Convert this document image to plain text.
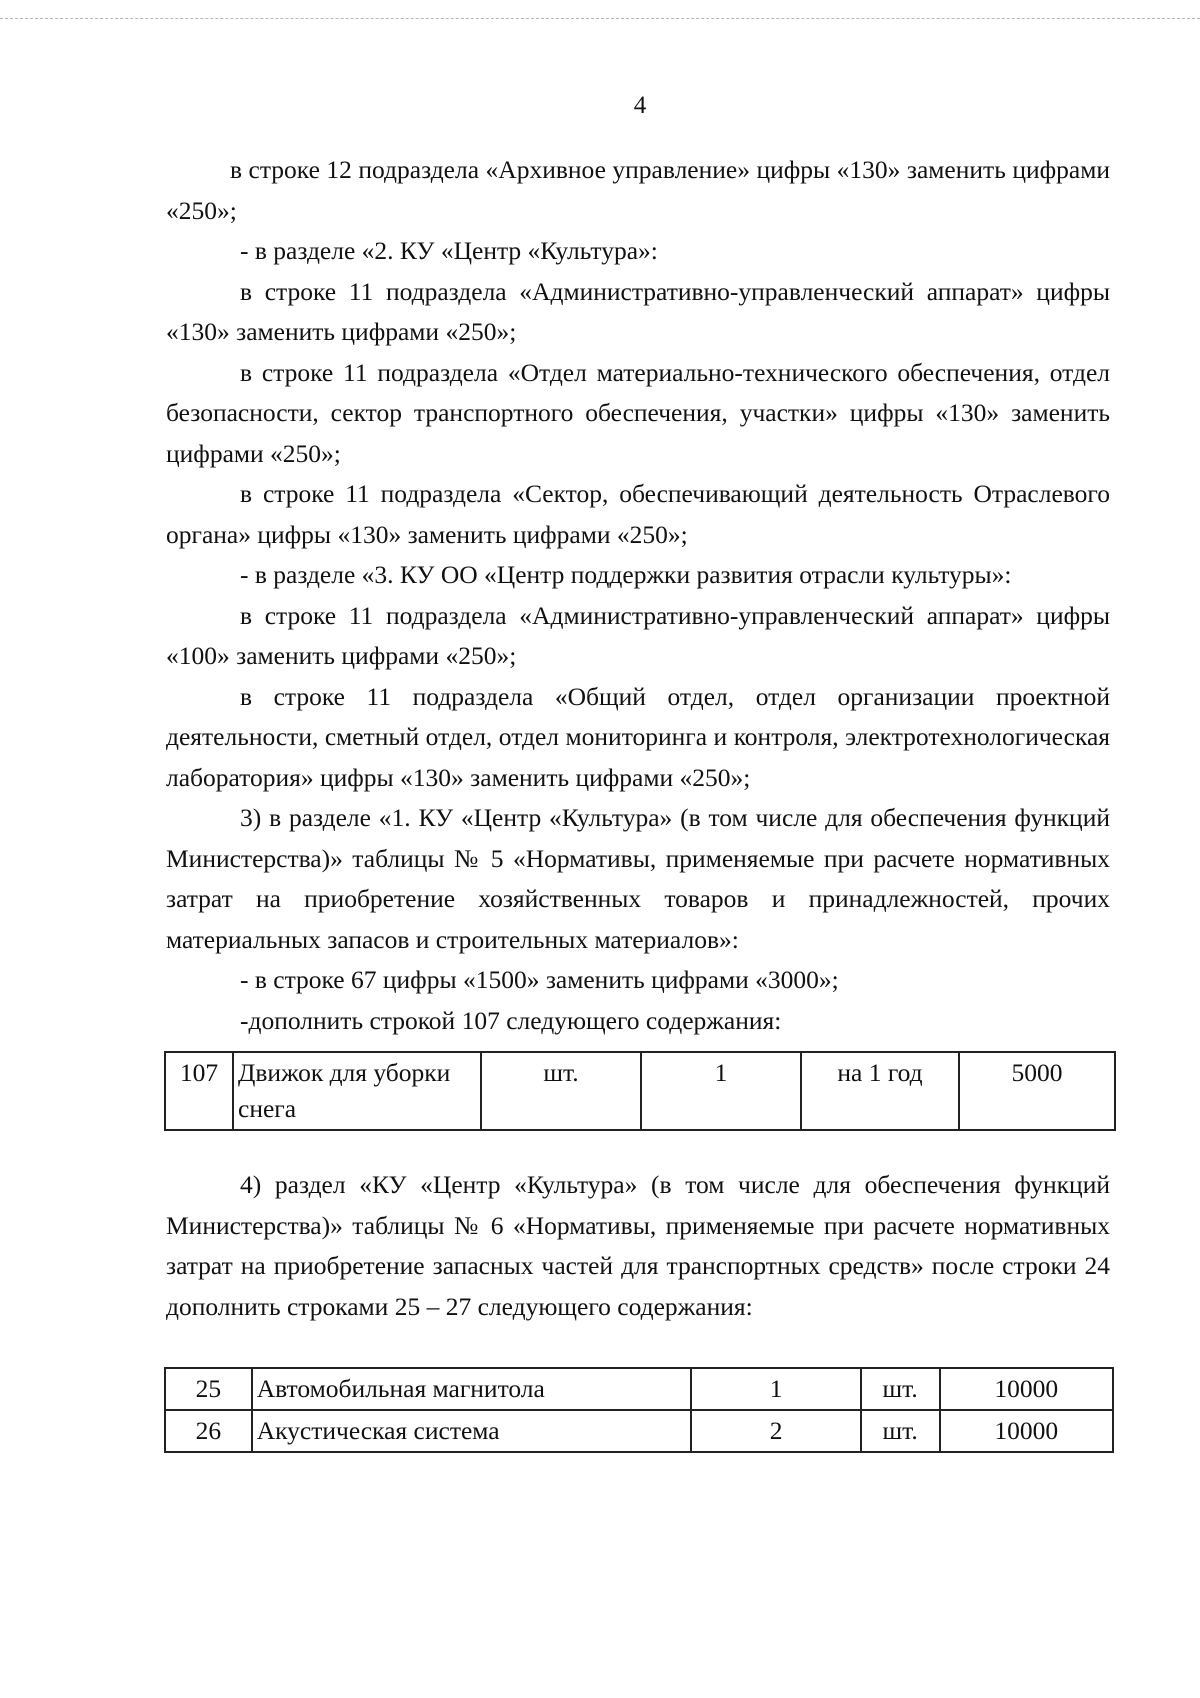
4

в строке 12 подраздела «Архивное управление» цифры «130» заменить цифрами «250»;

- в разделе «2. КУ «Центр «Культура»:

в строке 11 подраздела «Административно-управленческий аппарат» цифры «130» заменить цифрами «250»;

в строке 11 подраздела «Отдел материально-технического обеспечения, отдел безопасности, сектор транспортного обеспечения, участки» цифры «130» заменить цифрами «250»;

в строке 11 подраздела «Сектор, обеспечивающий деятельность Отраслевого органа» цифры «130» заменить цифрами «250»;

- в разделе «3. КУ ОО «Центр поддержки развития отрасли культуры»:

в строке 11 подраздела «Административно-управленческий аппарат» цифры «100» заменить цифрами «250»;

в строке 11 подраздела «Общий отдел, отдел организации проектной деятельности, сметный отдел, отдел мониторинга и контроля, электротехнологическая лаборатория» цифры «130» заменить цифрами «250»;

3) в разделе «1. КУ «Центр «Культура» (в том числе для обеспечения функций Министерства)» таблицы № 5 «Нормативы, применяемые при расчете нормативных затрат на приобретение хозяйственных товаров и принадлежностей, прочих материальных запасов и строительных материалов»:

- в строке 67 цифры «1500» заменить цифрами «3000»;

-дополнить строкой 107 следующего содержания:

107	Движок для уборки снега	шт.	1	на 1 год	5000

4) раздел «КУ «Центр «Культура» (в том числе для обеспечения функций Министерства)» таблицы № 6 «Нормативы, применяемые при расчете нормативных затрат на приобретение запасных частей для транспортных средств» после строки 24 дополнить строками 25 – 27 следующего содержания:

25	Автомобильная магнитола	1	шт.	10000
26	Акустическая система	2	шт.	10000
